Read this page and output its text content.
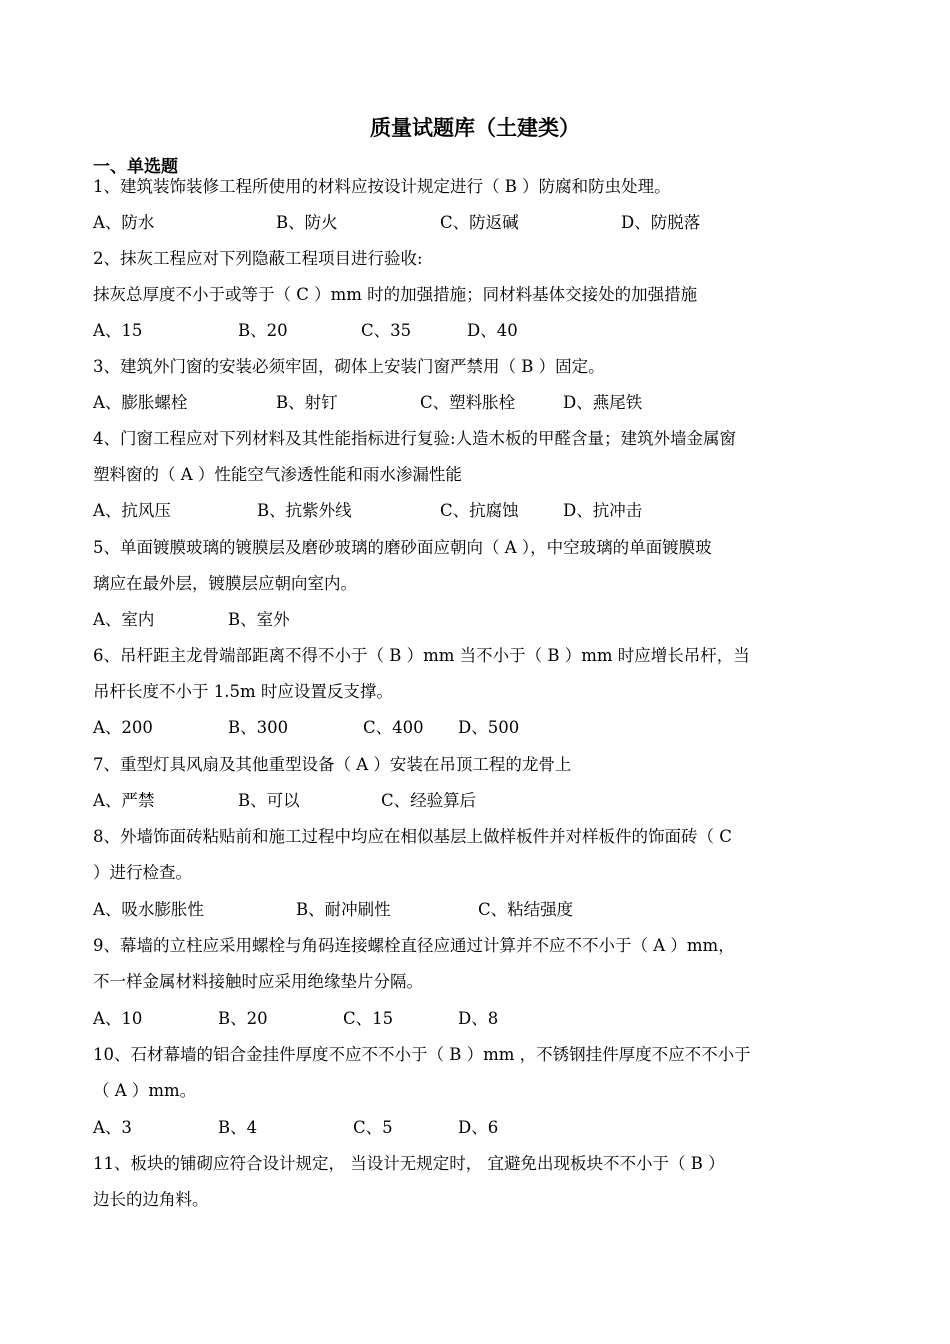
质量试题库（土建类）
一、单选题
1、建筑装饰装修工程所使用的材料应按设计规定进行（ B ）防腐和防虫处理。
A、防水	B、防火	C、防返碱	D、防脱落
2、抹灰工程应对下列隐蔽工程项目进行验收:
抹灰总厚度不小于或等于（ C ）mm 时的加强措施；同材料基体交接处的加强措施
A、15	B、20	C、35	D、40
3、建筑外门窗的安装必须牢固，砌体上安装门窗严禁用（ B ）固定。
A、膨胀螺栓	B、射钉	C、塑料胀栓	D、燕尾铁
4、门窗工程应对下列材料及其性能指标进行复验:人造木板的甲醛含量；建筑外墙金属窗
塑料窗的（ A ）性能空气渗透性能和雨水渗漏性能
A、抗风压	B、抗紫外线	C、抗腐蚀	D、抗冲击
5、单面镀膜玻璃的镀膜层及磨砂玻璃的磨砂面应朝向（ A ），中空玻璃的单面镀膜玻
璃应在最外层，镀膜层应朝向室内。
A、室内	B、室外
6、吊杆距主龙骨端部距离不得不小于（ B ）mm 当不小于（ B ）mm 时应增长吊杆，当
吊杆长度不小于 1.5m 时应设置反支撑。
A、200	B、300	C、400 D、500
7、重型灯具风扇及其他重型设备（ A ）安装在吊顶工程的龙骨上
A、严禁	B、可以	C、经验算后
8、外墙饰面砖粘贴前和施工过程中均应在相似基层上做样板件并对样板件的饰面砖（ C
）进行检查。
A、吸水膨胀性	B、耐冲刷性	C、粘结强度
9、幕墙的立柱应采用螺栓与角码连接螺栓直径应通过计算并不应不不小于（ A ）mm，
不一样金属材料接触时应采用绝缘垫片分隔。
A、10	B、20	C、15	D、8
10、石材幕墙的铝合金挂件厚度不应不不小于（ B ）mm ，不锈钢挂件厚度不应不不小于
（ A ）mm。
A、3	B、4	C、5	D、6
11、板块的铺砌应符合设计规定， 当设计无规定时， 宜避免出现板块不不小于（ B ）
边长的边角料。
